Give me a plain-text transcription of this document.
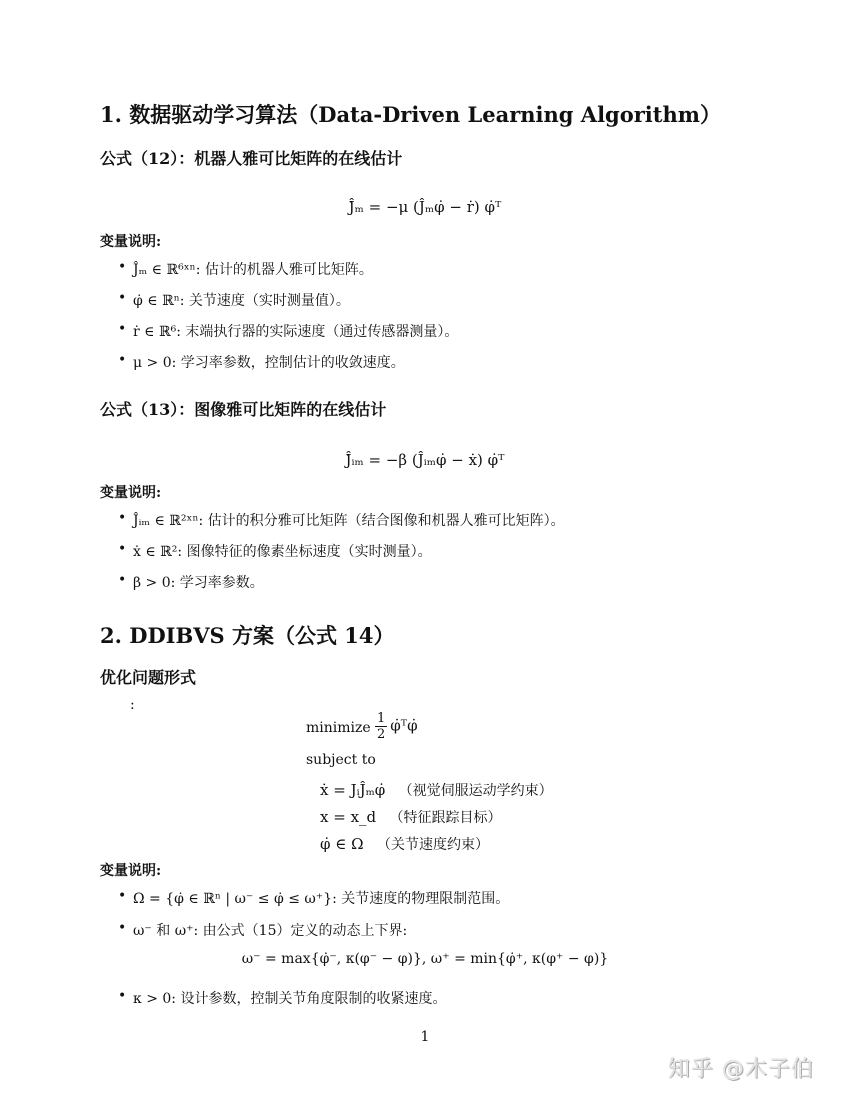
1. 数据驱动学习算法（Data-Driven Learning Algorithm）
公式（12）：机器人雅可比矩阵的在线估计
Ĵ̇ₘ = −μ (Ĵₘφ̇ − ṙ) φ̇ᵀ
变量说明:
• Ĵₘ ∈ ℝ⁶ˣⁿ: 估计的机器人雅可比矩阵。
• φ̇ ∈ ℝⁿ: 关节速度（实时测量值）。
• ṙ ∈ ℝ⁶: 末端执行器的实际速度（通过传感器测量）。
• μ > 0: 学习率参数，控制估计的收敛速度。
公式（13）：图像雅可比矩阵的在线估计
Ĵ̇ᵢₘ = −β (Ĵᵢₘφ̇ − ẋ) φ̇ᵀ
变量说明:
• Ĵᵢₘ ∈ ℝ²ˣⁿ: 估计的积分雅可比矩阵（结合图像和机器人雅可比矩阵）。
• ẋ ∈ ℝ²: 图像特征的像素坐标速度（实时测量）。
• β > 0: 学习率参数。
2. DDIBVS 方案（公式 14）
优化问题形式
:
minimize $\frac{1}{2}$ φ̇ᵀφ̇
subject to
ẋ = JᵢĴₘφ̇ （视觉伺服运动学约束）
x = x_d （特征跟踪目标）
φ̇ ∈ Ω （关节速度约束）
变量说明:
• Ω = {φ̇ ∈ ℝⁿ | ω⁻ ≤ φ̇ ≤ ω⁺}: 关节速度的物理限制范围。
• ω⁻ 和 ω⁺: 由公式（15）定义的动态上下界:
ω⁻ = max{φ̇⁻, κ(φ⁻ − φ)}, ω⁺ = min{φ̇⁺, κ(φ⁺ − φ)}
• κ > 0: 设计参数，控制关节角度限制的收紧速度。
1
知乎 @木子伯
